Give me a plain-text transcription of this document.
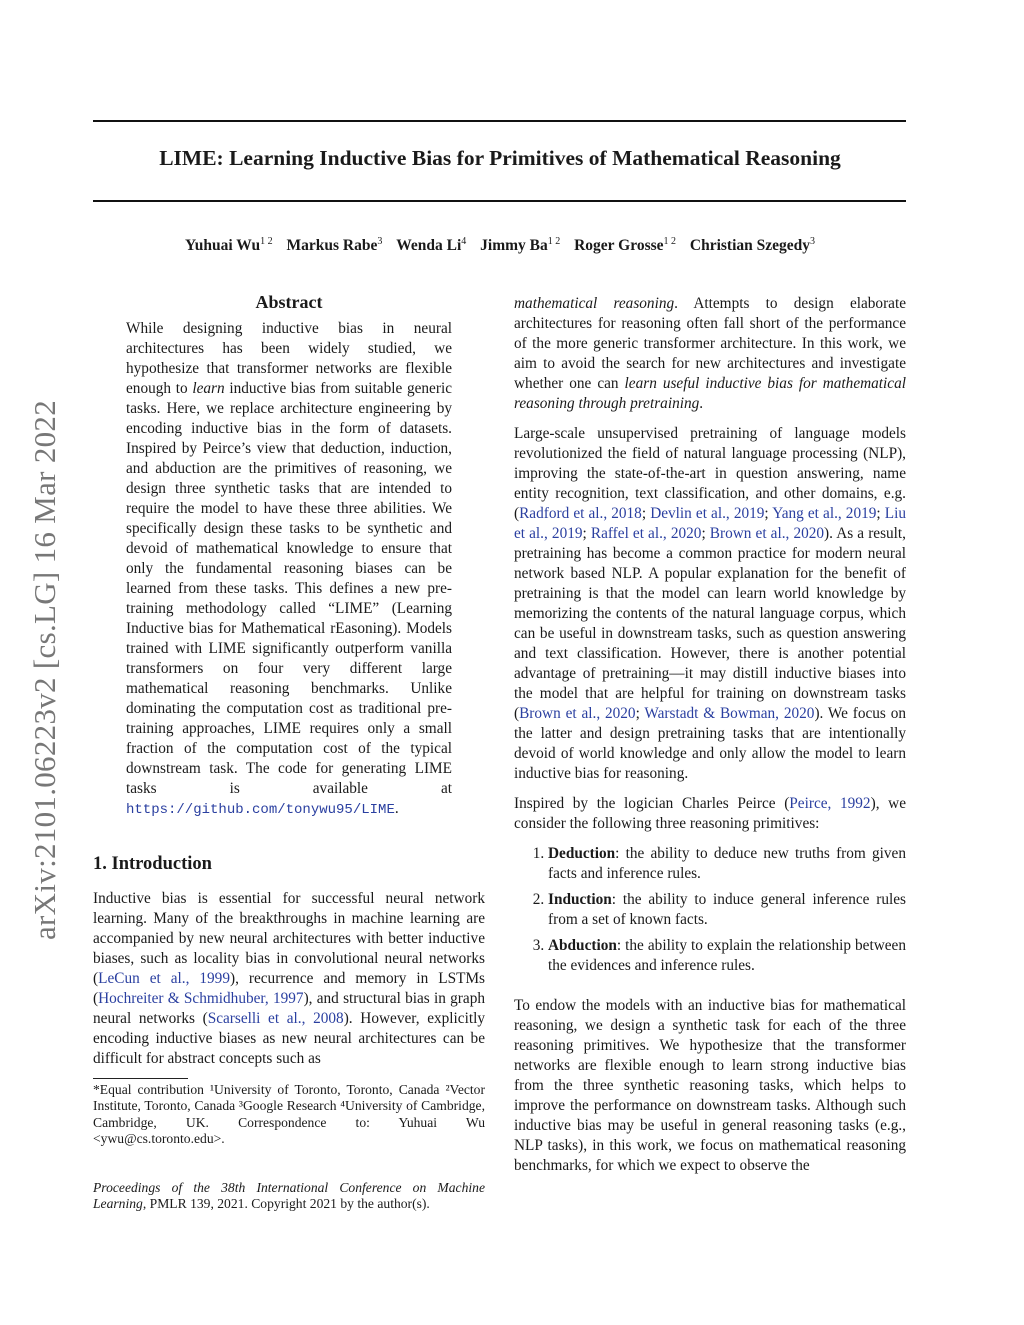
arXiv:2101.06223v2 [cs.LG] 16 Mar 2022
LIME: Learning Inductive Bias for Primitives of Mathematical Reasoning
Yuhuai $Wu^{1 2}$ Markus Rabe$^3$ Wenda Li$^4$ Jimmy $Ba^{1 2}$ Roger Grosse$^{1 2}$ Christian Szegedy$^3$
Abstract

While designing inductive bias in neural architectures has been widely studied, we hypothesize that transformer networks are flexible enough to learn inductive bias from suitable generic tasks. Here, we replace architecture engineering by encoding inductive bias in the form of datasets. Inspired by Peirce’s view that deduction, induction, and abduction are the primitives of reasoning, we design three synthetic tasks that are intended to require the model to have these three abilities. We specifically design these tasks to be synthetic and devoid of mathematical knowledge to ensure that only the fundamental reasoning biases can be learned from these tasks. This defines a new pre-training methodology called “LIME” (Learning Inductive bias for Mathematical rEasoning). Models trained with LIME significantly outperform vanilla transformers on four very different large mathematical reasoning benchmarks. Unlike dominating the computation cost as traditional pre-training approaches, LIME requires only a small fraction of the computation cost of the typical downstream task. The code for generating LIME tasks is available at https://github.com/tonywu95/LIME.

1. Introduction

Inductive bias is essential for successful neural network learning. Many of the breakthroughs in machine learning are accompanied by new neural architectures with better inductive biases, such as locality bias in convolutional neural networks (LeCun et al., 1999), recurrence and memory in LSTMs (Hochreiter & Schmidhuber, 1997), and structural bias in graph neural networks (Scarselli et al., 2008). However, explicitly encoding inductive biases as new neural architectures can be difficult for abstract concepts such as

*Equal contribution ¹University of Toronto, Toronto, Canada ²Vector Institute, Toronto, Canada ³Google Research ⁴University of Cambridge, Cambridge, UK. Correspondence to: Yuhuai Wu <ywu@cs.toronto.edu>.

Proceedings of the 38th International Conference on Machine Learning, PMLR 139, 2021. Copyright 2021 by the author(s).

mathematical reasoning. Attempts to design elaborate architectures for reasoning often fall short of the performance of the more generic transformer architecture. In this work, we aim to avoid the search for new architectures and investigate whether one can learn useful inductive bias for mathematical reasoning through pretraining.

Large-scale unsupervised pretraining of language models revolutionized the field of natural language processing (NLP), improving the state-of-the-art in question answering, name entity recognition, text classification, and other domains, e.g. (Radford et al., 2018; Devlin et al., 2019; Yang et al., 2019; Liu et al., 2019; Raffel et al., 2020; Brown et al., 2020). As a result, pretraining has become a common practice for modern neural network based NLP. A popular explanation for the benefit of pretraining is that the model can learn world knowledge by memorizing the contents of the natural language corpus, which can be useful in downstream tasks, such as question answering and text classification. However, there is another potential advantage of pretraining—it may distill inductive biases into the model that are helpful for training on downstream tasks (Brown et al., 2020; Warstadt & Bowman, 2020). We focus on the latter and design pretraining tasks that are intentionally devoid of world knowledge and only allow the model to learn inductive bias for reasoning.

Inspired by the logician Charles Peirce (Peirce, 1992), we consider the following three reasoning primitives:

1. Deduction: the ability to deduce new truths from given facts and inference rules.
2. Induction: the ability to induce general inference rules from a set of known facts.
3. Abduction: the ability to explain the relationship between the evidences and inference rules.

To endow the models with an inductive bias for mathematical reasoning, we design a synthetic task for each of the three reasoning primitives. We hypothesize that the transformer networks are flexible enough to learn strong inductive bias from the three synthetic reasoning tasks, which helps to improve the performance on downstream tasks. Although such inductive bias may be useful in general reasoning tasks (e.g., NLP tasks), in this work, we focus on mathematical reasoning benchmarks, for which we expect to observe the
